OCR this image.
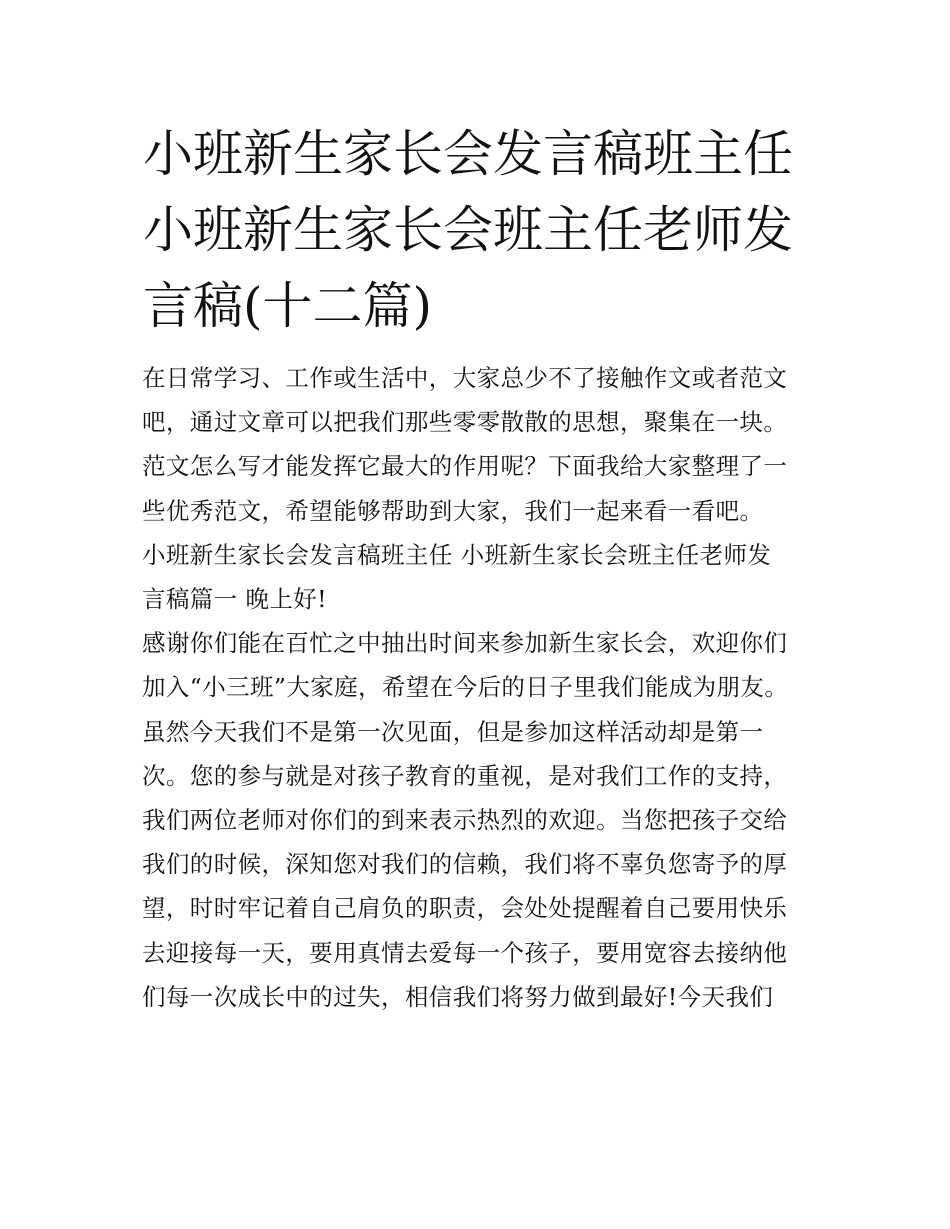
小班新生家长会发言稿班主任
小班新生家长会班主任老师发
言稿(十二篇)
在日常学习、工作或生活中，大家总少不了接触作文或者范文
吧，通过文章可以把我们那些零零散散的思想，聚集在一块。
范文怎么写才能发挥它最大的作用呢？下面我给大家整理了一
些优秀范文，希望能够帮助到大家，我们一起来看一看吧。
小班新生家长会发言稿班主任 小班新生家长会班主任老师发
言稿篇一 晚上好!
感谢你们能在百忙之中抽出时间来参加新生家长会，欢迎你们
加入“小三班”大家庭，希望在今后的日子里我们能成为朋友。
虽然今天我们不是第一次见面，但是参加这样活动却是第一
次。您的参与就是对孩子教育的重视，是对我们工作的支持，
我们两位老师对你们的到来表示热烈的欢迎。当您把孩子交给
我们的时候，深知您对我们的信赖，我们将不辜负您寄予的厚
望，时时牢记着自己肩负的职责，会处处提醒着自己要用快乐
去迎接每一天，要用真情去爱每一个孩子，要用宽容去接纳他
们每一次成长中的过失，相信我们将努力做到最好!今天我们
